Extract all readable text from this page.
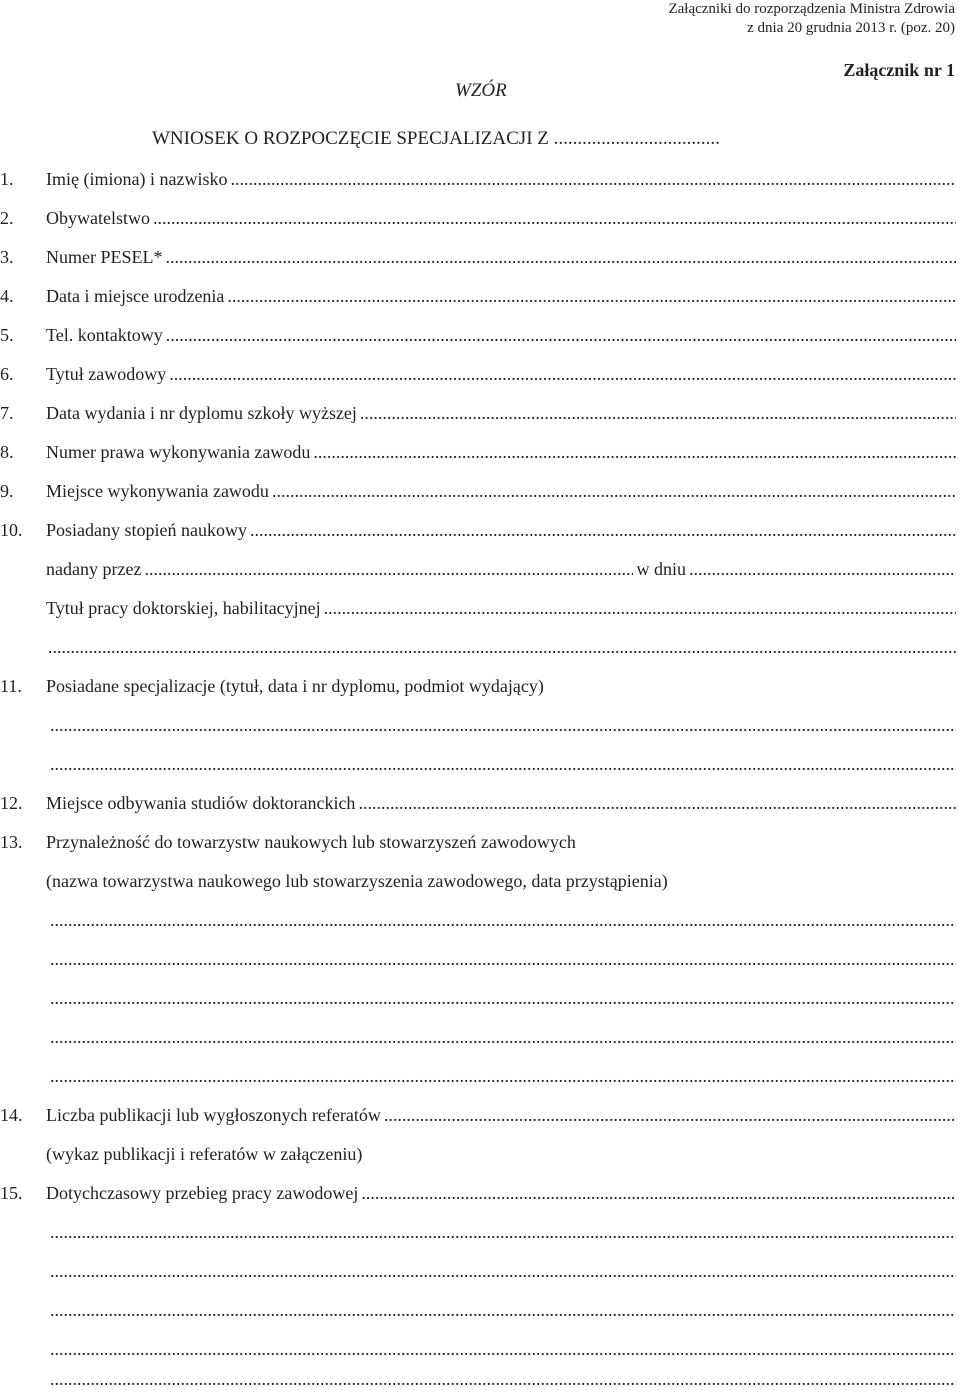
Załączniki do rozporządzenia Ministra Zdrowia
z dnia 20 grudnia 2013 r. (poz. 20)
Załącznik nr 1
WZÓR
WNIOSEK O ROZPOCZĘCIE SPECJALIZACJI Z ...................................
1.	Imię (imiona) i nazwisko
.....
2.	Obywatelstwo
.....
3.	Numer PESEL*
.....
4.	Data i miejsce urodzenia
.....
5.	Tel. kontaktowy
.....
6.	Tytuł zawodowy
.....
7.	Data wydania i nr dyplomu szkoły wyższej
.....
8.	Numer prawa wykonywania zawodu
.....
9.	Miejsce wykonywania zawodu
.....
10.	Posiadany stopień naukowy
.....
nadany przez
.....	w dniu
.....
Tytuł pracy doktorskiej, habilitacyjnej
.....
.....
11.	Posiadane specjalizacje (tytuł, data i nr dyplomu, podmiot wydający)
.....
.....
12.	Miejsce odbywania studiów doktoranckich
.....
13.	Przynależność do towarzystw naukowych lub stowarzyszeń zawodowych
(nazwa towarzystwa naukowego lub stowarzyszenia zawodowego, data przystąpienia)
.....
.....
.....
.....
.....
14.	Liczba publikacji lub wygłoszonych referatów
.....
(wykaz publikacji i referatów w załączeniu)
15.	Dotychczasowy przebieg pracy zawodowej
.....
.....
.....
.....
.....
.....
